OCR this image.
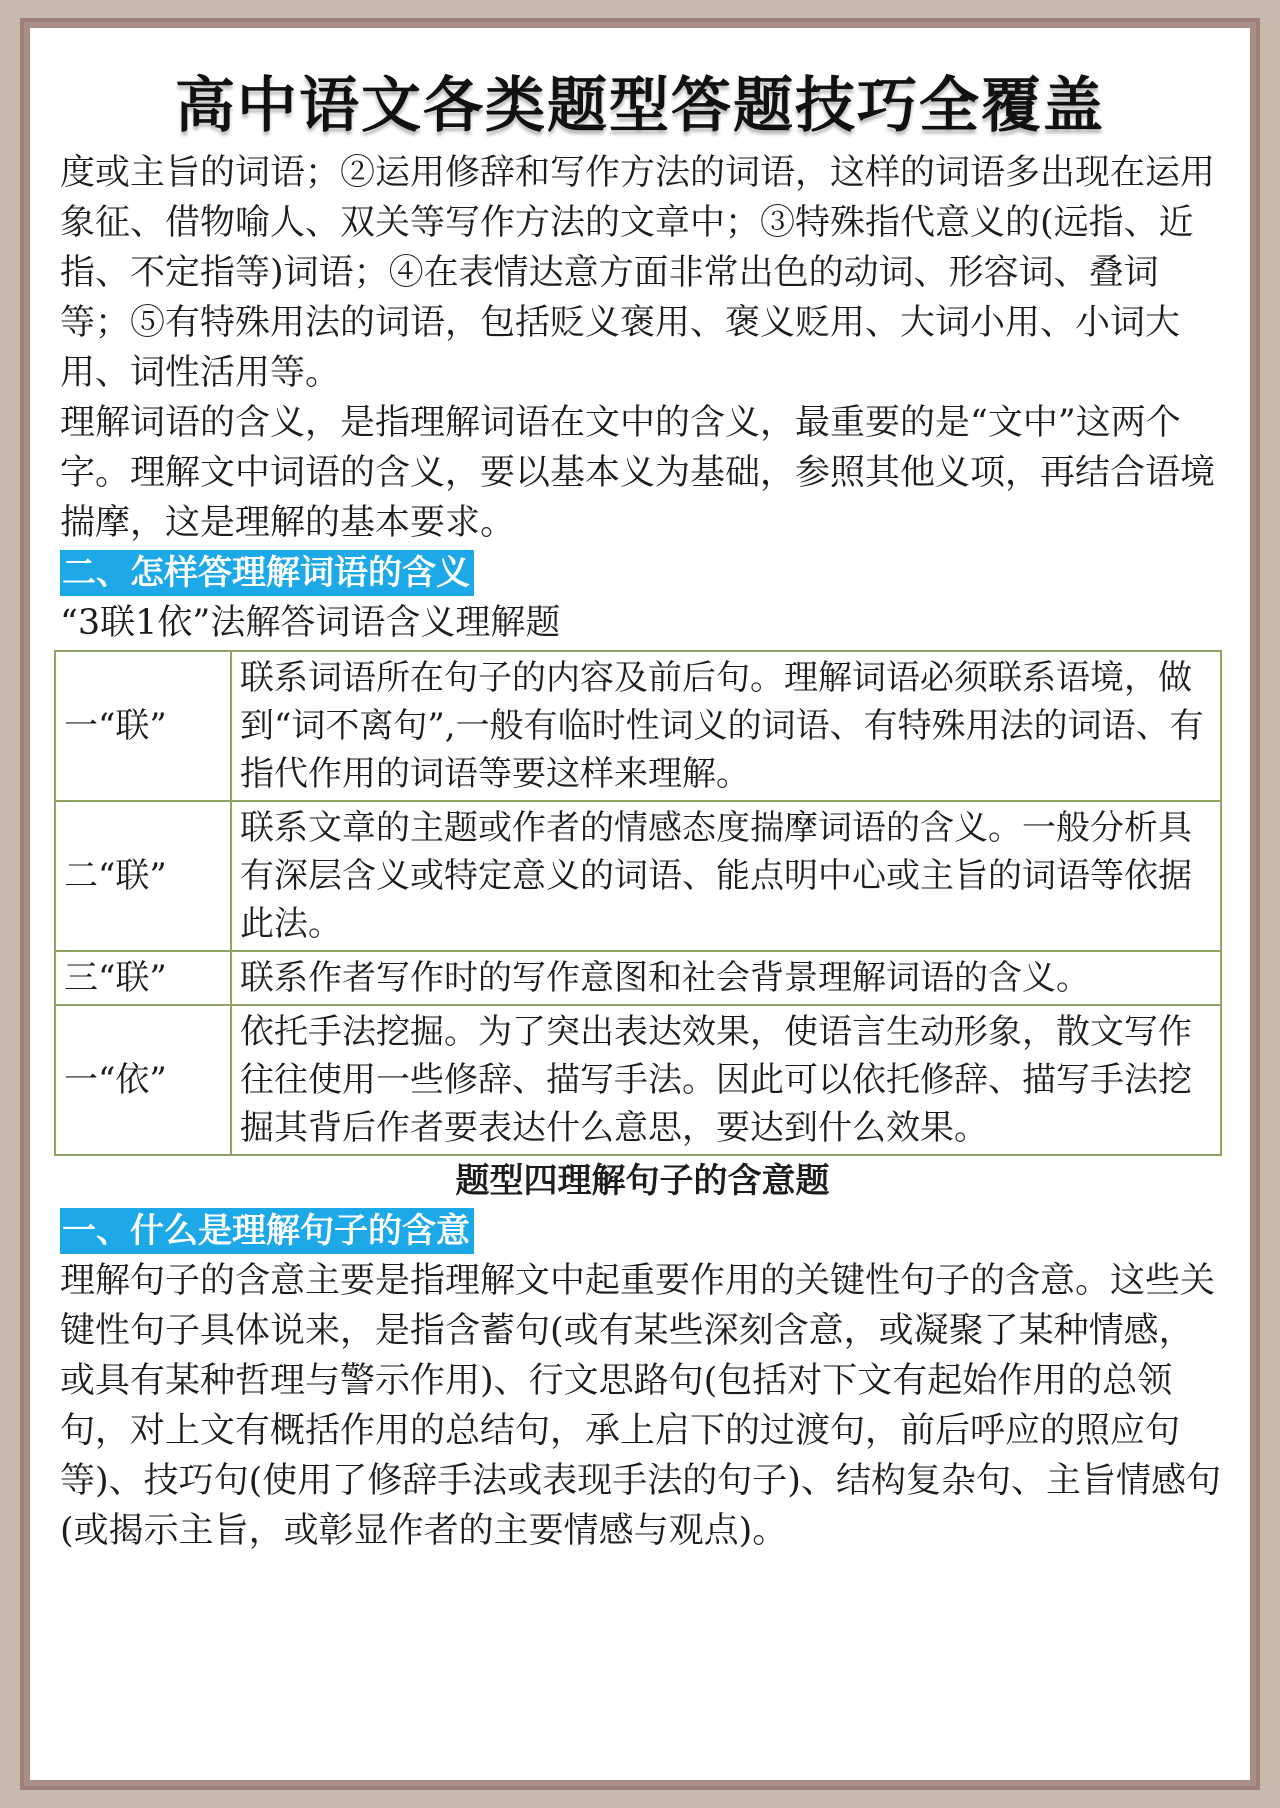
高中语文各类题型答题技巧全覆盖

度或主旨的词语；②运用修辞和写作方法的词语，这样的词语多出现在运用象征、借物喻人、双关等写作方法的文章中；③特殊指代意义的(远指、近指、不定指等)词语；④在表情达意方面非常出色的动词、形容词、叠词等；⑤有特殊用法的词语，包括贬义褒用、褒义贬用、大词小用、小词大用、词性活用等。

理解词语的含义，是指理解词语在文中的含义，最重要的是“文中”这两个字。理解文中词语的含义，要以基本义为基础，参照其他义项，再结合语境揣摩，这是理解的基本要求。

二、怎样答理解词语的含义

“3联1依”法解答词语含义理解题

一“联”	联系词语所在句子的内容及前后句。理解词语必须联系语境，做到“词不离句”,一般有临时性词义的词语、有特殊用法的词语、有指代作用的词语等要这样来理解。
二“联”	联系文章的主题或作者的情感态度揣摩词语的含义。一般分析具有深层含义或特定意义的词语、能点明中心或主旨的词语等依据此法。
三“联”	联系作者写作时的写作意图和社会背景理解词语的含义。
一“依”	依托手法挖掘。为了突出表达效果，使语言生动形象，散文写作往往使用一些修辞、描写手法。因此可以依托修辞、描写手法挖掘其背后作者要表达什么意思，要达到什么效果。

题型四理解句子的含意题

一、什么是理解句子的含意

理解句子的含意主要是指理解文中起重要作用的关键性句子的含意。这些关键性句子具体说来，是指含蓄句(或有某些深刻含意，或凝聚了某种情感，或具有某种哲理与警示作用)、行文思路句(包括对下文有起始作用的总领句，对上文有概括作用的总结句，承上启下的过渡句，前后呼应的照应句等)、技巧句(使用了修辞手法或表现手法的句子)、结构复杂句、主旨情感句(或揭示主旨，或彰显作者的主要情感与观点)。
